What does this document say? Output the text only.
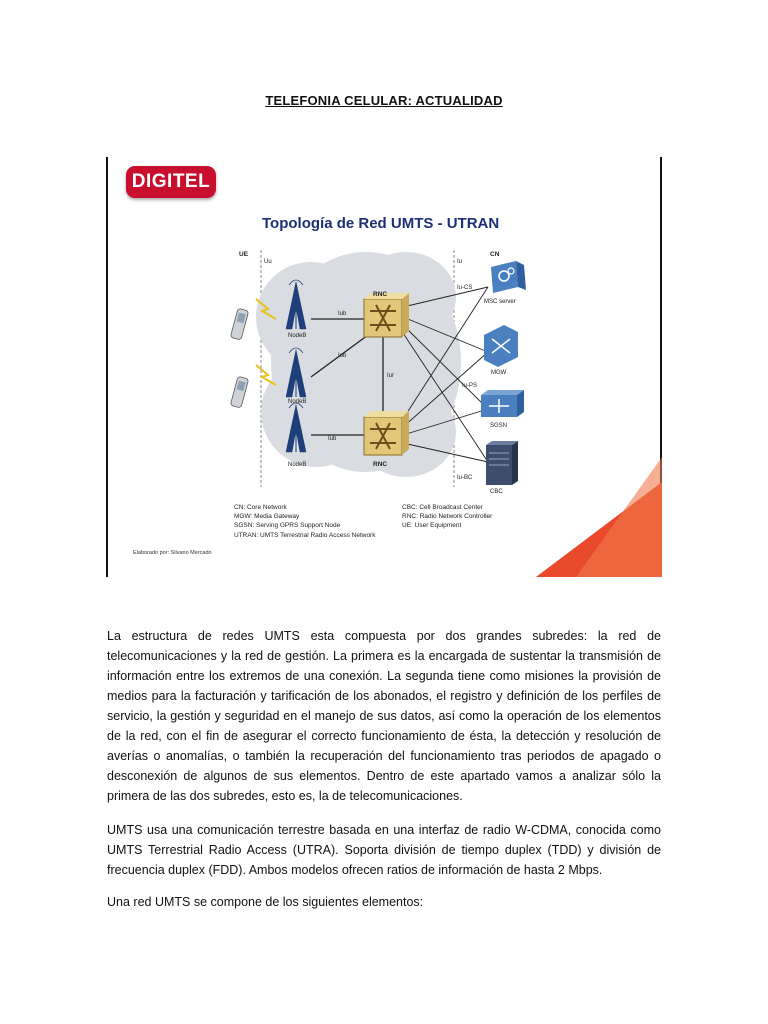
TELEFONIA CELULAR: ACTUALIDAD
UE
Uu	Iu
CN
RNC
RNC
Iub
Iub
Iub
Iur
NodeB
NodeB
NodeB
Iu-CS
Iu-PS
Iu-BC
MSC server
MGW
SGSN
CBC
DIGITEL
Topología de Red UMTS - UTRAN
CN: Core Network
MGW: Media Gateway
SGSN: Serving GPRS Support Node
UTRAN: UMTS Terrestrial Radio Access Network
CBC: Cell Broadcast Center
RNC: Radio Network Controller
UE: User Equipment
Elaborado por: Silvano Mercado

La estructura de redes UMTS esta compuesta por dos grandes subredes: la red de telecomunicaciones y la red de gestión. La primera es la encargada de sustentar la transmisión de información entre los extremos de una conexión. La segunda tiene como misiones la provisión de medios para la facturación y tarificación de los abonados, el registro y definición de los perfiles de servicio, la gestión y seguridad en el manejo de sus datos, así como la operación de los elementos de la red, con el fin de asegurar el correcto funcionamiento de ésta, la detección y resolución de averías o anomalías, o también la recuperación del funcionamiento tras periodos de apagado o desconexión de algunos de sus elementos. Dentro de este apartado vamos a analizar sólo la primera de las dos subredes, esto es, la de telecomunicaciones.

UMTS usa una comunicación terrestre basada en una interfaz de radio W-CDMA, conocida como UMTS Terrestrial Radio Access (UTRA). Soporta división de tiempo duplex (TDD) y división de frecuencia duplex (FDD). Ambos modelos ofrecen ratios de información de hasta 2 Mbps.

Una red UMTS se compone de los siguientes elementos:
